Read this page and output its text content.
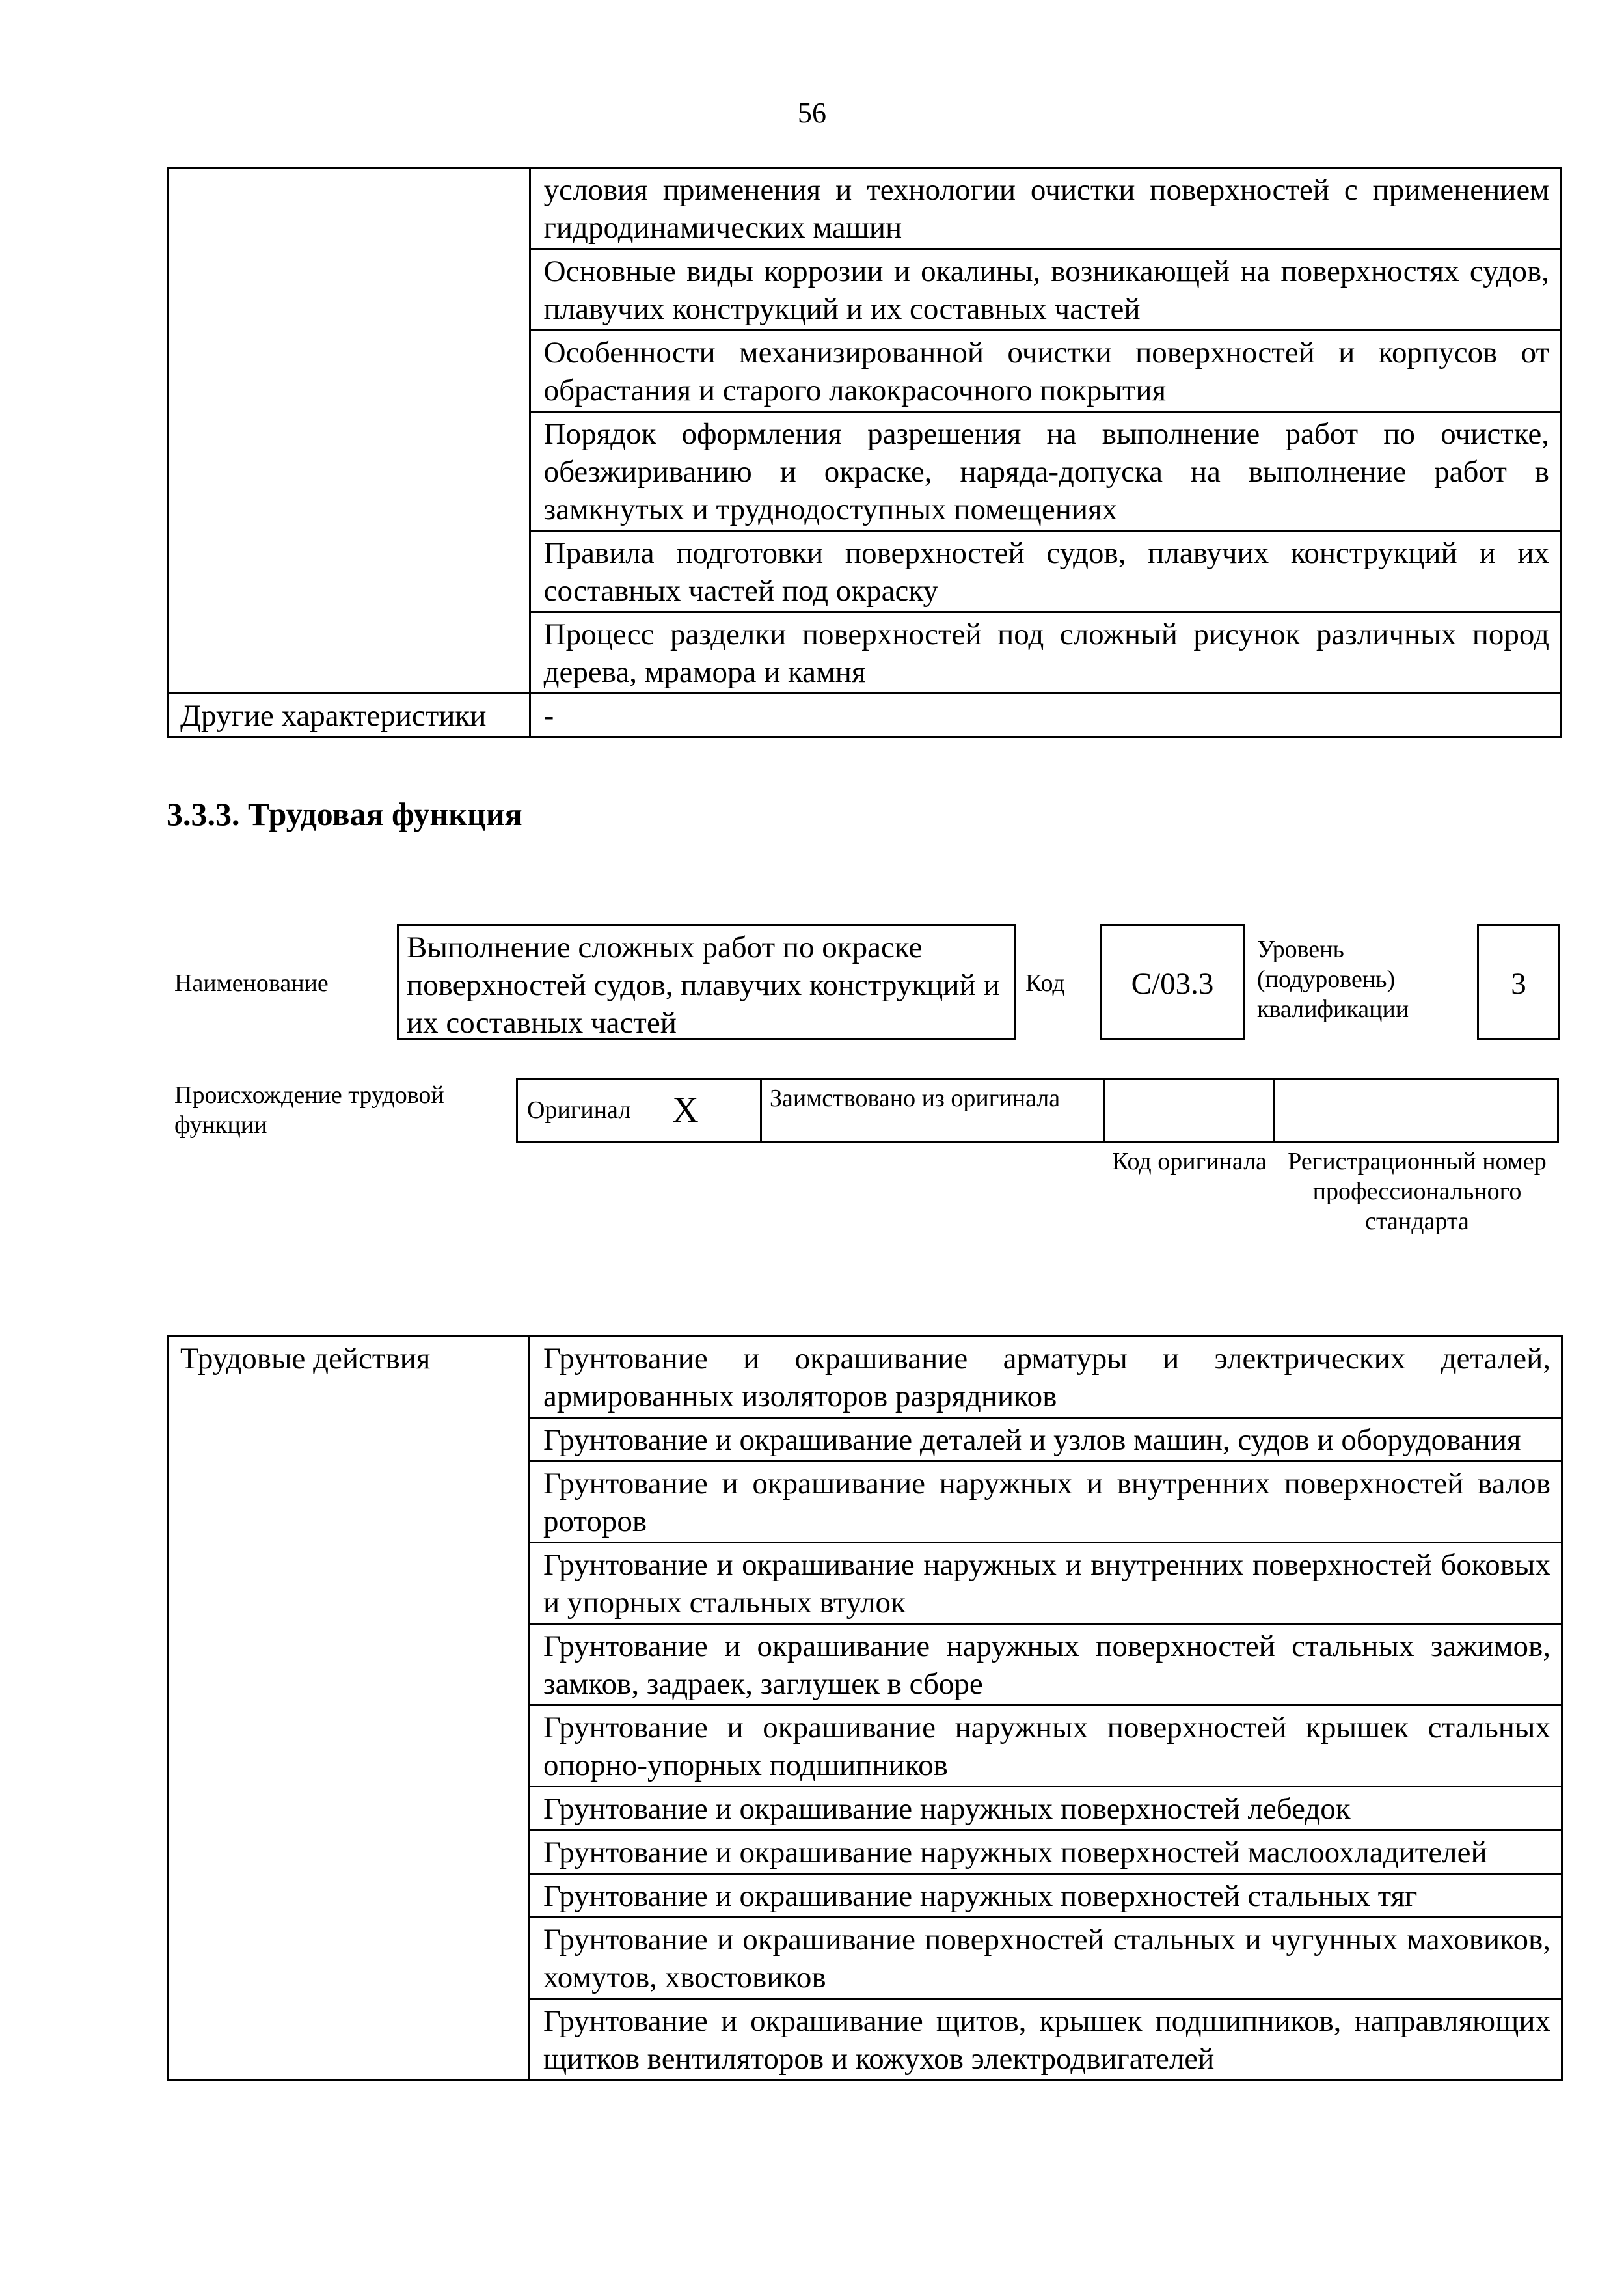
56

	условия применения и технологии очистки поверхностей с применением гидродинамических машин

	Основные виды коррозии и окалины, возникающей на поверхностях судов, плавучих конструкций и их составных частей

	Особенности механизированной очистки поверхностей и корпусов от обрастания и старого лакокрасочного покрытия

	Порядок оформления разрешения на выполнение работ по очистке, обезжириванию и окраске, наряда-допуска на выполнение работ в замкнутых и труднодоступных помещениях

	Правила подготовки поверхностей судов, плавучих конструкций и их составных частей под окраску

	Процесс разделки поверхностей под сложный рисунок различных пород дерева, мрамора и камня

Другие характеристики	-
3.3.3. Трудовая функция
Наименование
Выполнение сложных работ по окраске поверхностей судов, плавучих конструкций и их составных частей
Код	С/03.3
Уровень (подуровень) квалификации
3
Происхождение трудовой функции
Оригинал X	Заимствовано из оригинала
Код оригинала Регистрационный номер профессионального стандарта
Трудовые действия	Грунтование и окрашивание арматуры и электрических деталей, армированных изоляторов разрядников

Грунтование и окрашивание деталей и узлов машин, судов и оборудования

Грунтование и окрашивание наружных и внутренних поверхностей валов роторов

Грунтование и окрашивание наружных и внутренних поверхностей боковых и упорных стальных втулок

Грунтование и окрашивание наружных поверхностей стальных зажимов, замков, задраек, заглушек в сборе

Грунтование и окрашивание наружных поверхностей крышек стальных опорно-упорных подшипников

Грунтование и окрашивание наружных поверхностей лебедок

Грунтование и окрашивание наружных поверхностей маслоохладителей

Грунтование и окрашивание наружных поверхностей стальных тяг

Грунтование и окрашивание поверхностей стальных и чугунных маховиков, хомутов, хвостовиков

Грунтование и окрашивание щитов, крышек подшипников, направляющих щитков вентиляторов и кожухов электродвигателей
